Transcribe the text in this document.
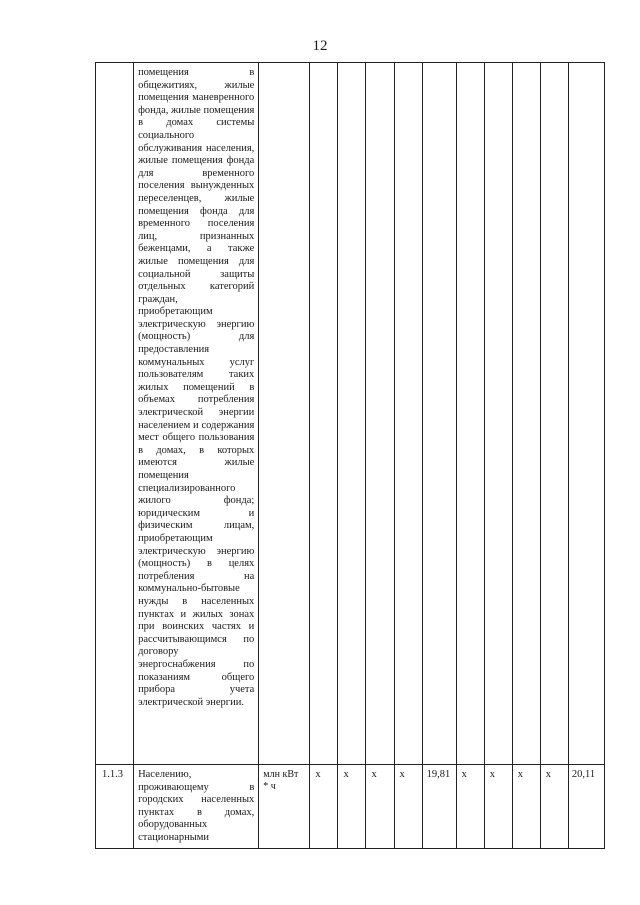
12
	помещения в общежитиях, жилые помещения маневренного фонда, жилые помещения в домах системы социального обслуживания населения, жилые помещения фонда для временного поселения вынужденных переселенцев, жилые помещения фонда для временного поселения лиц, признанных беженцами, а также жилые помещения для социальной защиты отдельных категорий граждан, приобретающим электрическую энергию (мощность) для предоставления коммунальных услуг пользователям таких жилых помещений в объемах потребления электрической энергии населением и содержания мест общего пользования в домах, в которых имеются жилые помещения специализированного жилого фонда; юридическим и физическим лицам, приобретающим электрическую энергию (мощность) в целях потребления на коммунально-бытовые нужды в населенных пунктах и жилых зонах при воинских частях и рассчитывающимся по договору энергоснабжения по показаниям общего прибора учета электрической энергии.											
1.1.3	Населению, проживающему в городских населенных пунктах в домах, оборудованных стационарными	млн кВт * ч	x	x	x	x	19,81	x	x	x	x	20,11
